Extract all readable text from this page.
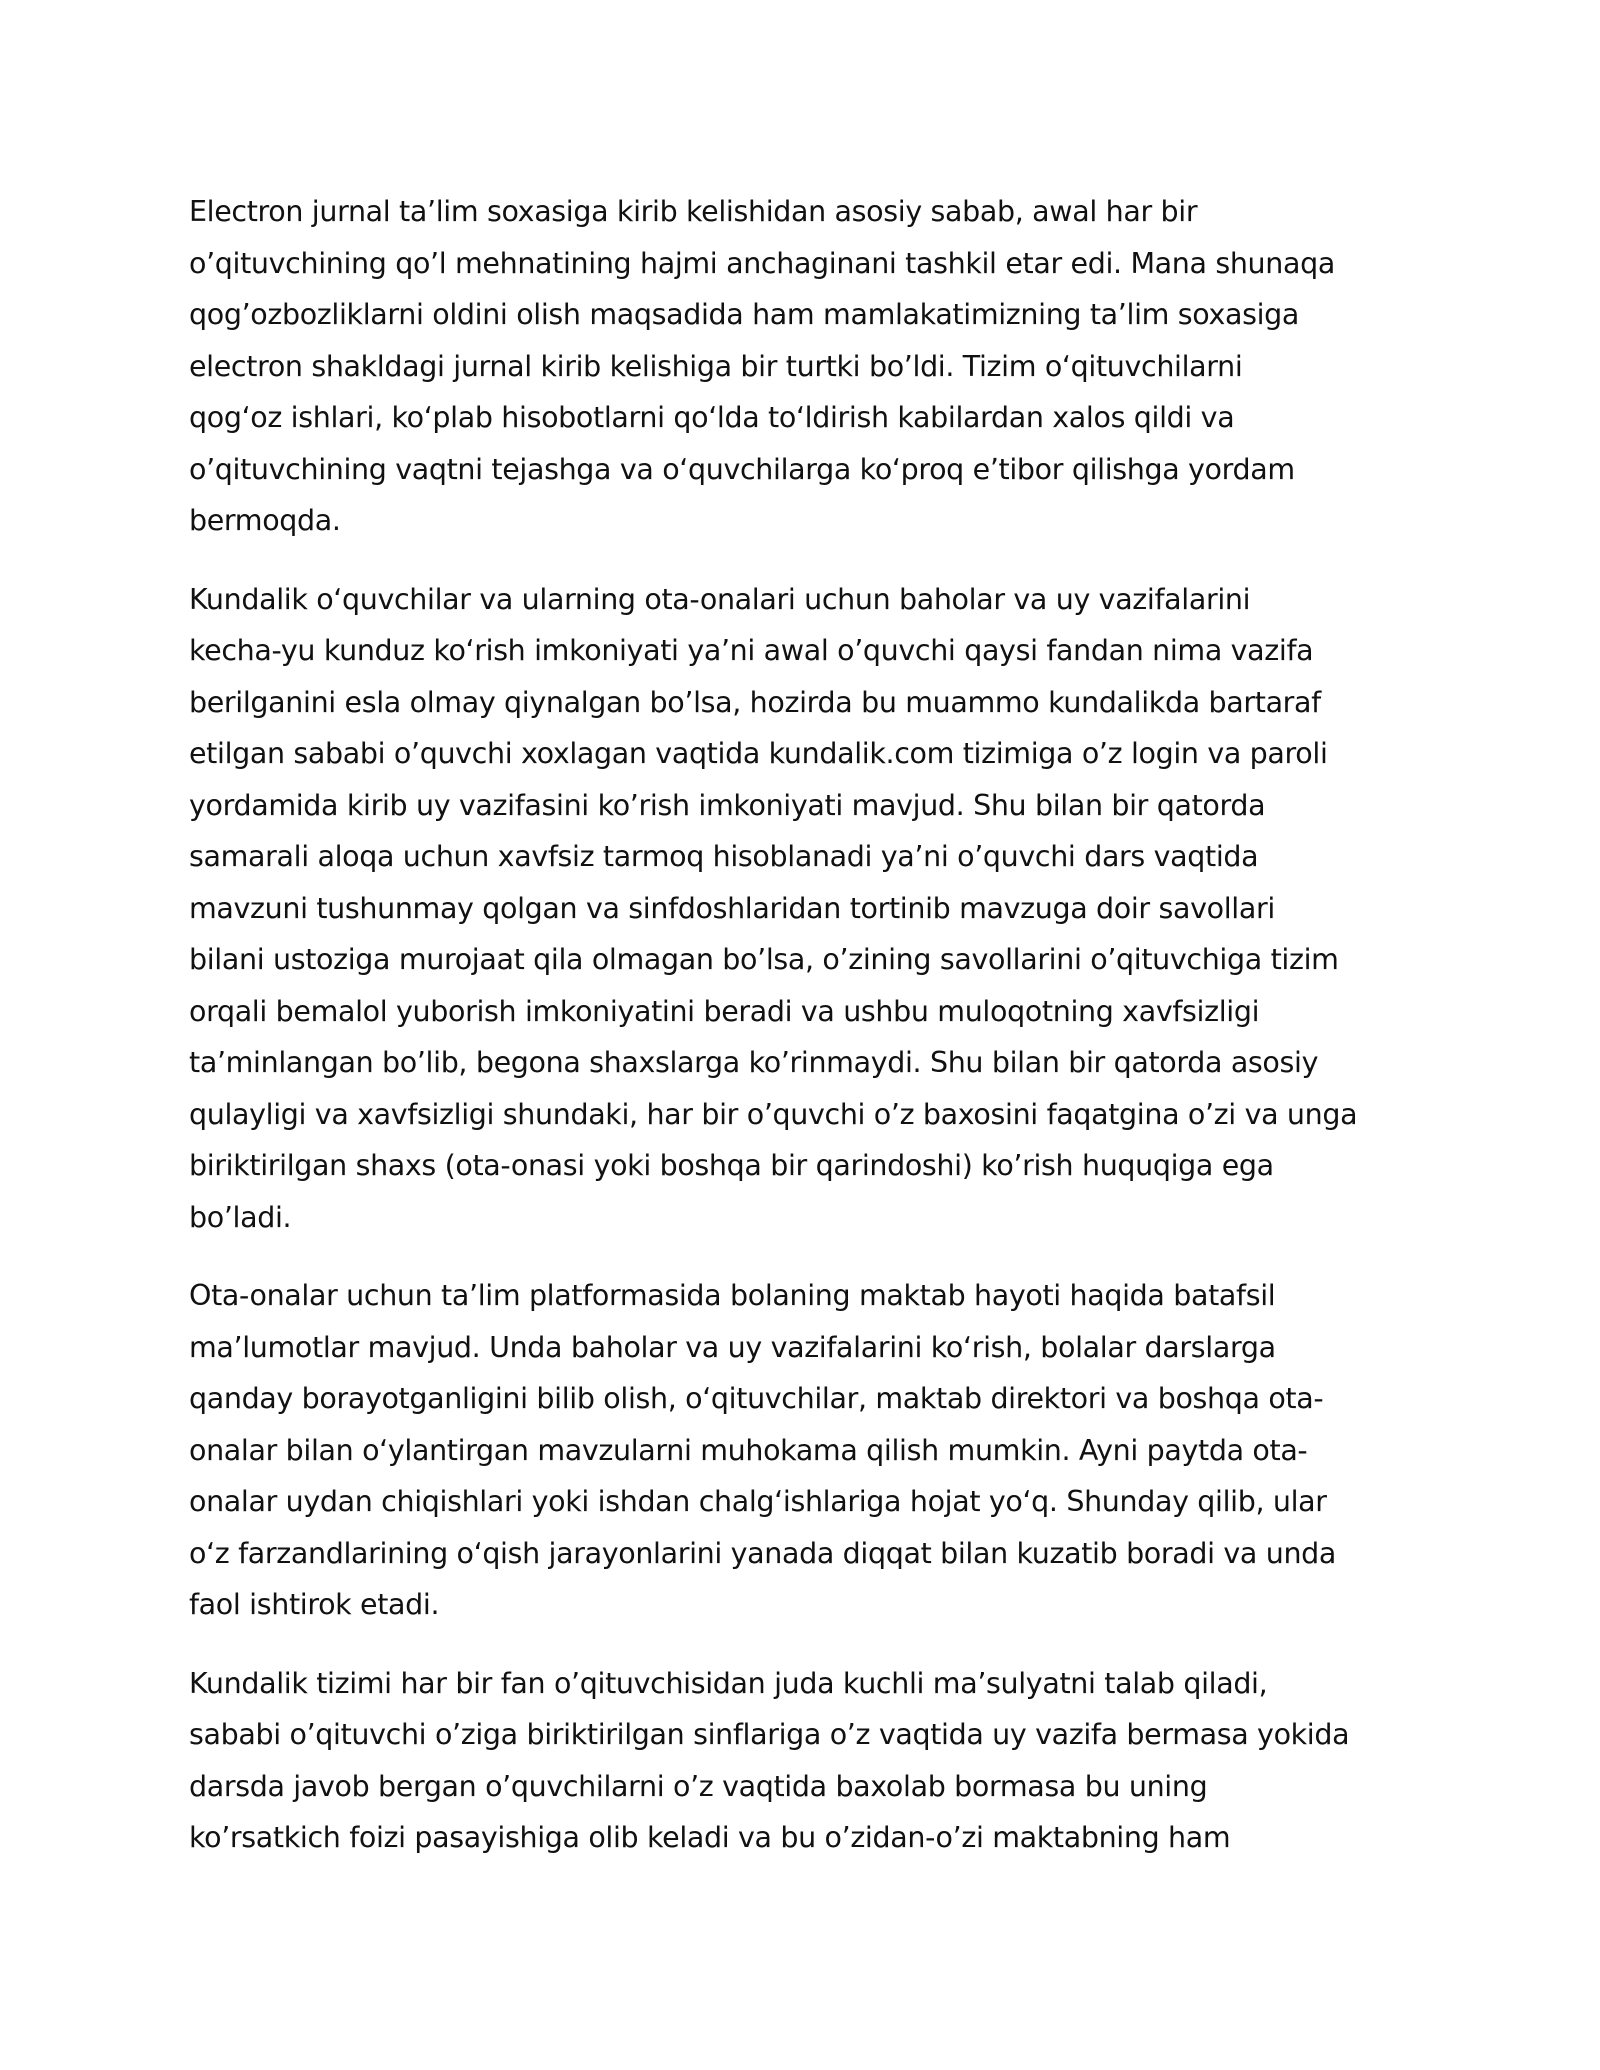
Electron jurnal ta’lim soxasiga kirib kelishidan asosiy sabab, awal har bir
o’qituvchining qo’l mehnatining hajmi anchaginani tashkil etar edi. Mana shunaqa
qog’ozbozliklarni oldini olish maqsadida ham mamlakatimizning ta’lim soxasiga
electron shakldagi jurnal kirib kelishiga bir turtki bo’ldi. Tizim oʻqituvchilarni
qogʻoz ishlari, koʻplab hisobotlarni qoʻlda toʻldirish kabilardan xalos qildi va
o’qituvchining vaqtni tejashga va oʻquvchilarga koʻproq eʼtibor qilishga yordam
bermoqda.

Kundalik oʻquvchilar va ularning ota-onalari uchun baholar va uy vazifalarini
kecha-yu kunduz koʻrish imkoniyati ya’ni awal o’quvchi qaysi fandan nima vazifa
berilganini esla olmay qiynalgan bo’lsa, hozirda bu muammo kundalikda bartaraf
etilgan sababi o’quvchi xoxlagan vaqtida kundalik.com tizimiga o’z login va paroli
yordamida kirib uy vazifasini ko’rish imkoniyati mavjud. Shu bilan bir qatorda
samarali aloqa uchun xavfsiz tarmoq hisoblanadi ya’ni o’quvchi dars vaqtida
mavzuni tushunmay qolgan va sinfdoshlaridan tortinib mavzuga doir savollari
bilani ustoziga murojaat qila olmagan bo’lsa, o’zining savollarini o’qituvchiga tizim
orqali bemalol yuborish imkoniyatini beradi va ushbu muloqotning xavfsizligi
ta’minlangan bo’lib, begona shaxslarga ko’rinmaydi. Shu bilan bir qatorda asosiy
qulayligi va xavfsizligi shundaki, har bir o’quvchi o’z baxosini faqatgina o’zi va unga
biriktirilgan shaxs (ota-onasi yoki boshqa bir qarindoshi) ko’rish huquqiga ega
bo’ladi.

Ota-onalar uchun ta’lim platformasida bolaning maktab hayoti haqida batafsil
ma’lumotlar mavjud. Unda baholar va uy vazifalarini koʻrish, bolalar darslarga
qanday borayotganligini bilib olish, oʻqituvchilar, maktab direktori va boshqa ota-
onalar bilan oʻylantirgan mavzularni muhokama qilish mumkin. Ayni paytda ota-
onalar uydan chiqishlari yoki ishdan chalgʻishlariga hojat yoʻq. Shunday qilib, ular
oʻz farzandlarining oʻqish jarayonlarini yanada diqqat bilan kuzatib boradi va unda
faol ishtirok etadi.

Kundalik tizimi har bir fan o’qituvchisidan juda kuchli ma’sulyatni talab qiladi,
sababi o’qituvchi o’ziga biriktirilgan sinflariga o’z vaqtida uy vazifa bermasa yokida
darsda javob bergan o’quvchilarni o’z vaqtida baxolab bormasa bu uning
ko’rsatkich foizi pasayishiga olib keladi va bu o’zidan-o’zi maktabning ham
